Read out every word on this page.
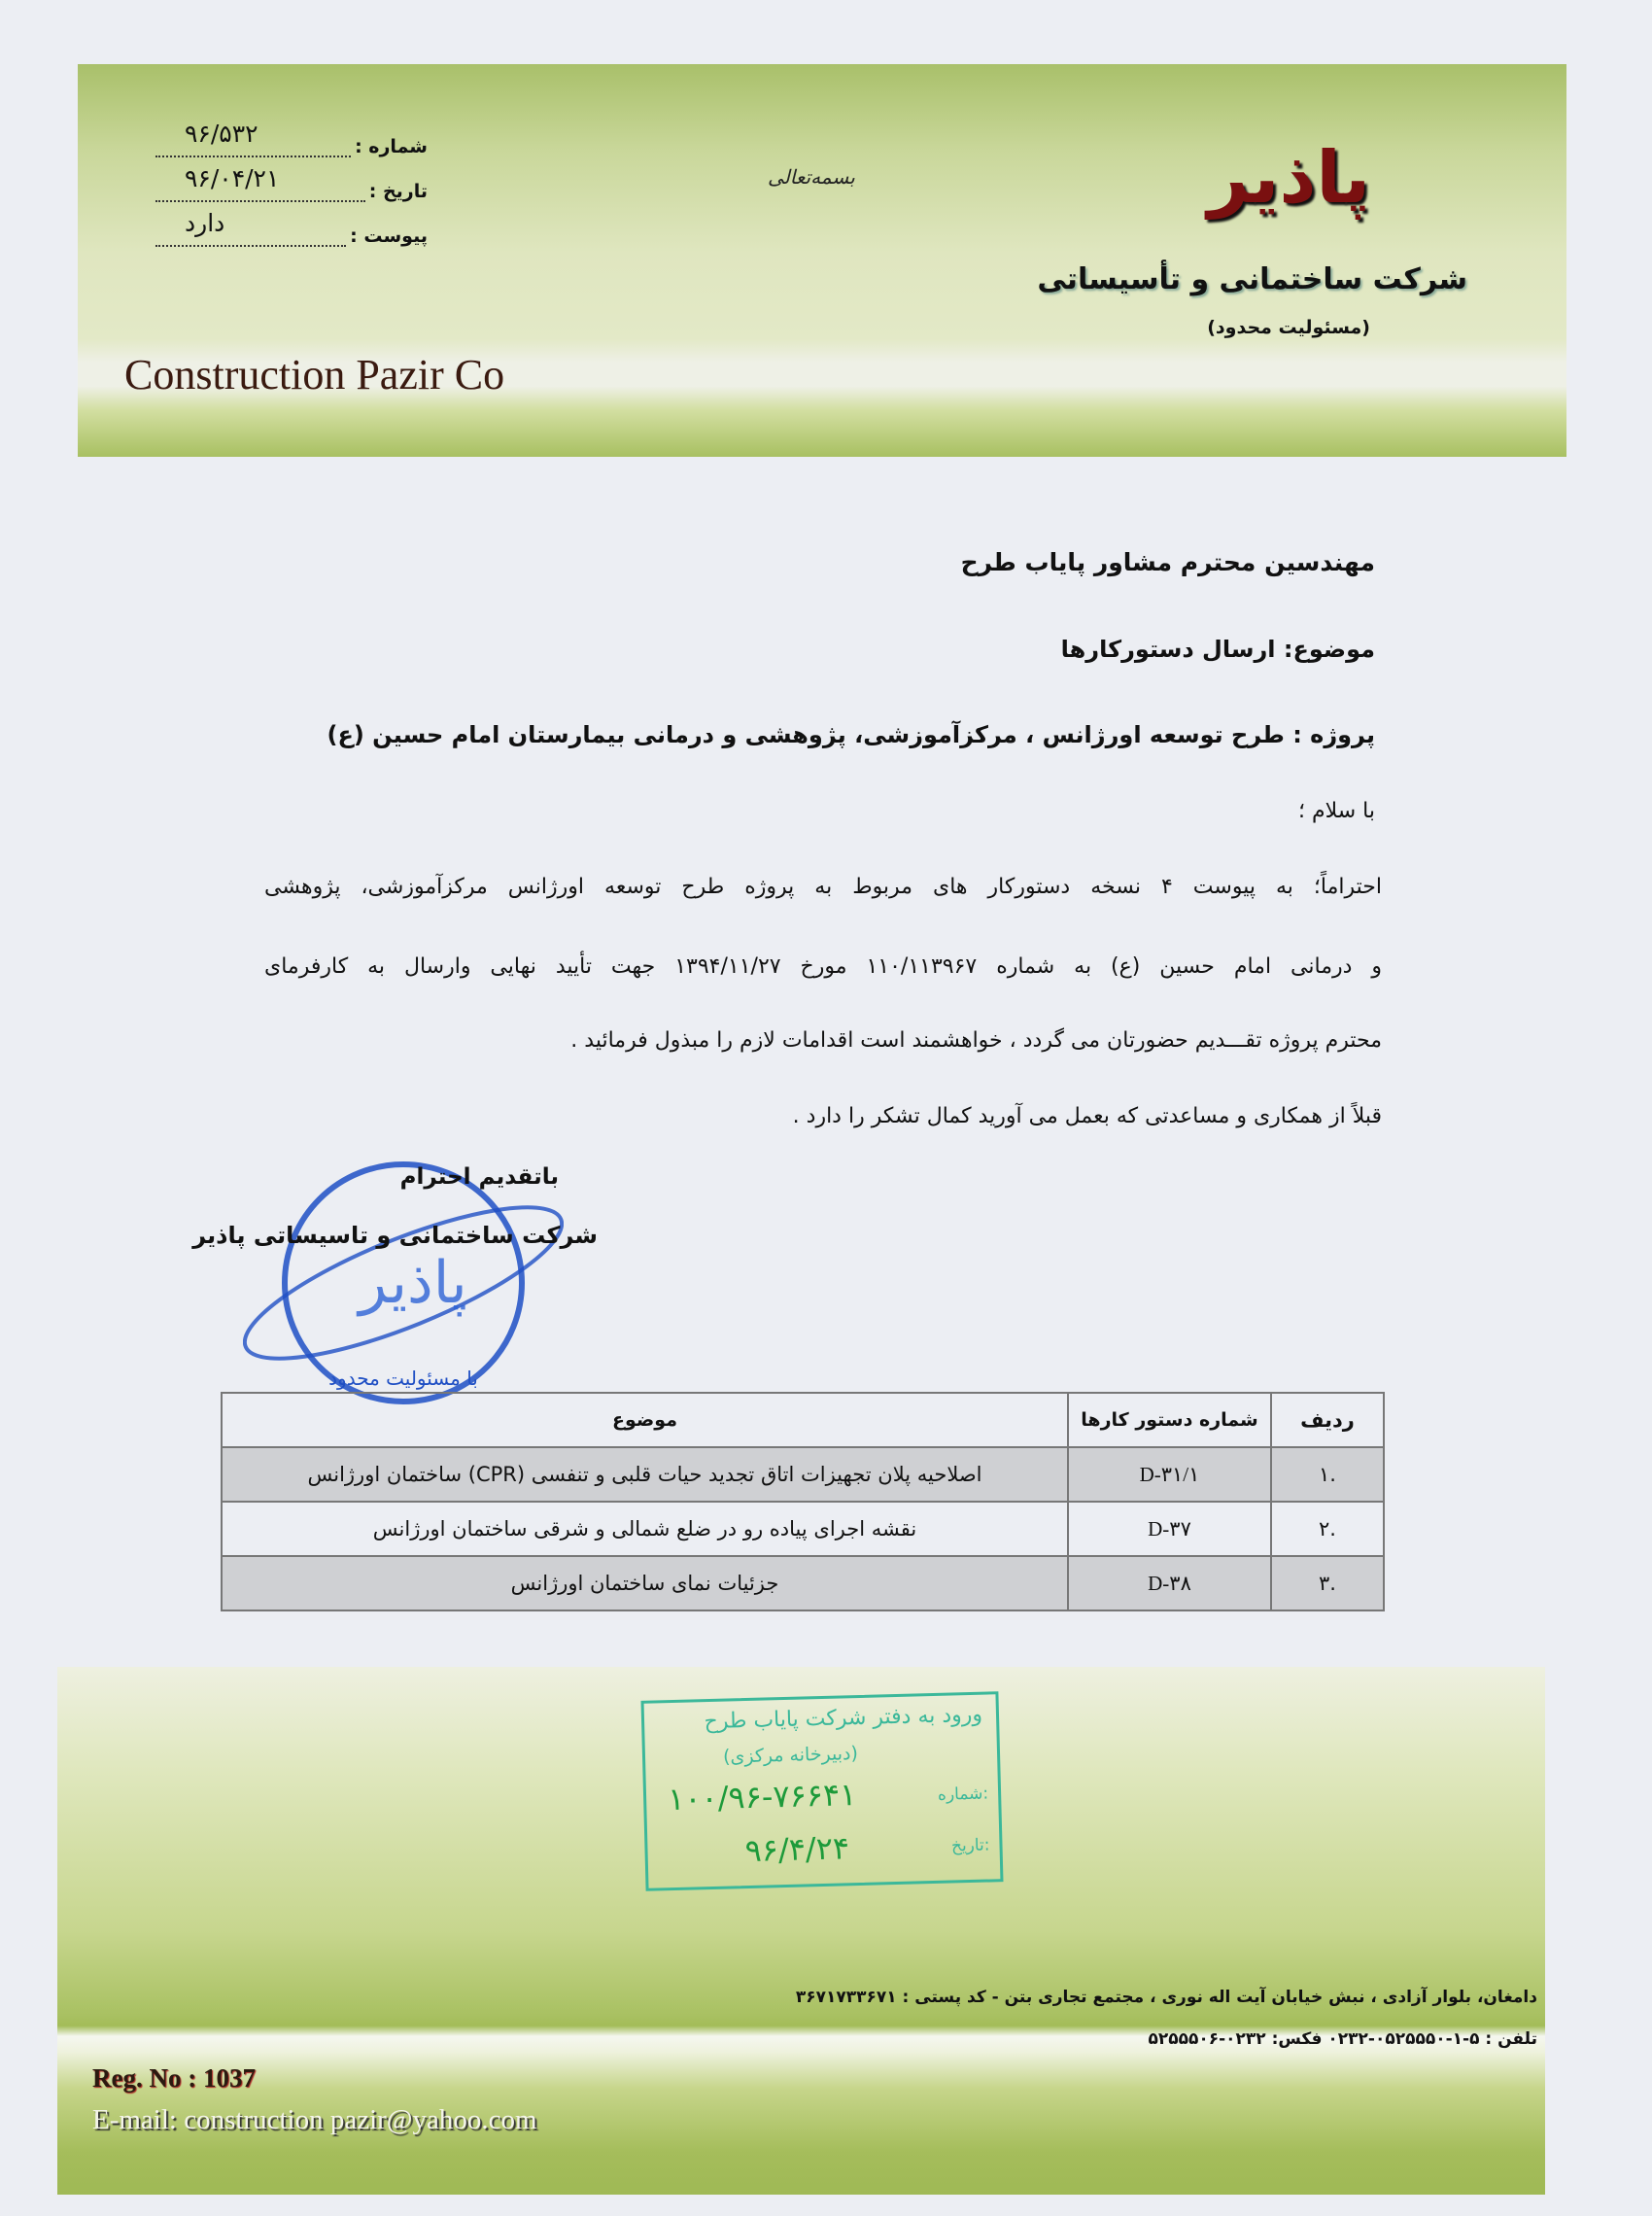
شماره :
۹۶/۵۳۲
تاریخ :
۹۶/۰۴/۲۱
پیوست :
دارد
بسمه‌تعالی	پاذیر
شرکت ساختمانی و تأسیساتی
(مسئولیت محدود)
Construction Pazir Co
مهندسین محترم مشاور پایاب طرح
موضوع: ارسال دستورکارها
پروژه : طرح توسعه اورژانس ، مرکزآموزشی، پژوهشی و درمانی بیمارستان امام حسین (ع)
با سلام ؛
احتراماً؛ به پیوست ۴ نسخه دستورکار های مربوط به پروژه طرح توسعه اورژانس مرکزآموزشی، پژوهشی
و درمانی امام حسین (ع) به شماره ۱۱۰/۱۱۳۹۶۷ مورخ ۱۳۹۴/۱۱/۲۷ جهت تأیید نهایی وارسال به کارفرمای
محترم پروژه تقـــدیم حضورتان می گردد ، خواهشمند است اقدامات لازم را مبذول فرمائید .
قبلاً از همکاری و مساعدتی که بعمل می آورید کمال تشکر را دارد .
پاذیر
با مسئولیت محدود
باتقدیم احترام
شرکت ساختمانی و تاسیساتی پاذیر
ردیف	شماره دستور کارها	موضوع
.۱	D-۳۱/۱	اصلاحیه پلان تجهیزات اتاق تجدید حیات قلبی و تنفسی (CPR) ساختمان اورژانس
.۲	D-۳۷	نقشه اجرای پیاده رو در ضلع شمالی و شرقی ساختمان اورژانس
.۳	D-۳۸	جزئیات نمای ساختمان اورژانس
ورود به دفتر شرکت پایاب طرح
(دبیرخانه مرکزی)
شماره:
۱۰۰/۹۶-۷۶۶۴۱
تاریخ:
۹۶/۴/۲۴
دامغان، بلوار آزادی ، نبش خیابان آیت اله نوری ، مجتمع تجاری بتن - کد پستی : ۳۶۷۱۷۳۳۶۷۱
تلفن : ۵-۱-۰۵۲۵۵۵۰-۰۲۳۲ فکس: ۰۲۳۲-۵۲۵۵۵۰۶
Reg. No : 1037
E-mail: construction pazir@yahoo.com
